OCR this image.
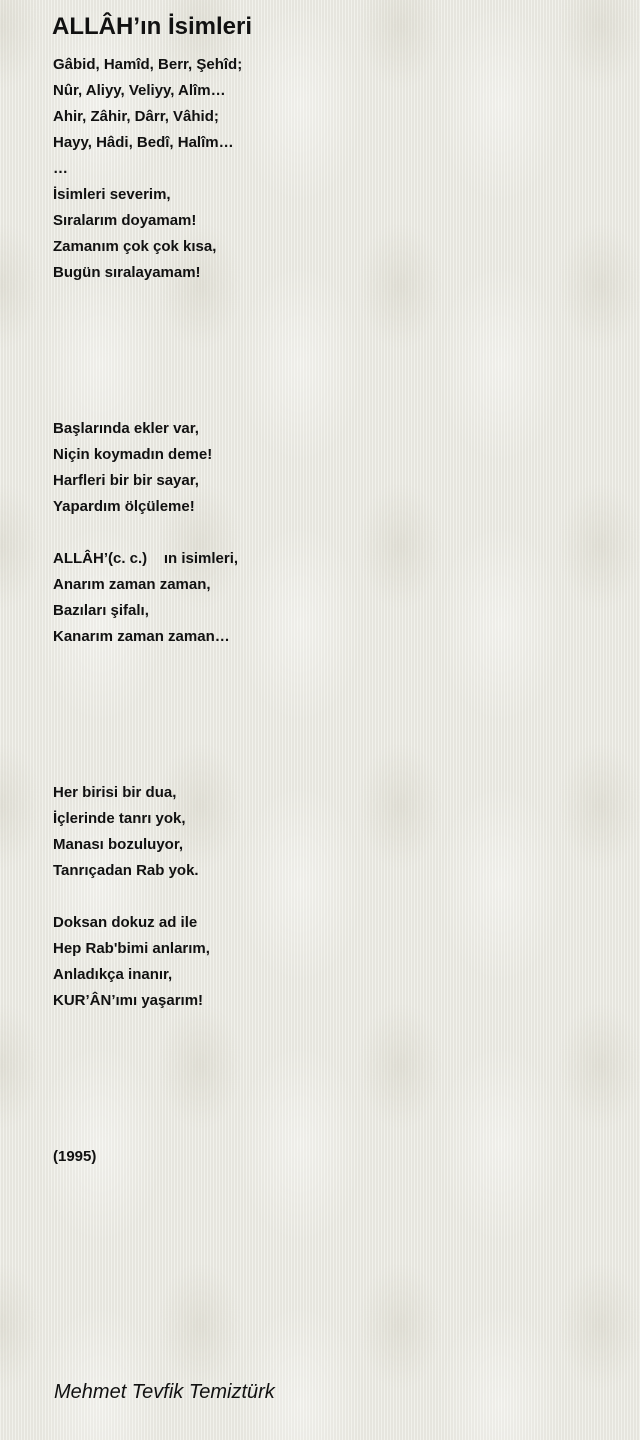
ALLÂH’ın İsimleri
Gâbid, Hamîd, Berr, Şehîd;
Nûr, Aliyy, Veliyy, Alîm…
Ahir, Zâhir, Dârr, Vâhid;
Hayy, Hâdi, Bedî, Halîm…
…
İsimleri severim,
Sıralarım doyamam!
Zamanım çok çok kısa,
Bugün sıralayamam!
Başlarında ekler var,
Niçin koymadın deme!
Harfleri bir bir sayar,
Yapardım ölçüleme!
ALLÂH’(c. c.)    ın isimleri,
Anarım zaman zaman,
Bazıları şifalı,
Kanarım zaman zaman…
Her birisi bir dua,
İçlerinde tanrı yok,
Manası bozuluyor,
Tanrıçadan Rab yok.
Doksan dokuz ad ile
Hep Rab'bimi anlarım,
Anladıkça inanır,
KUR’ÂN’ımı yaşarım!
(1995)
Mehmet Tevfik Temiztürk
